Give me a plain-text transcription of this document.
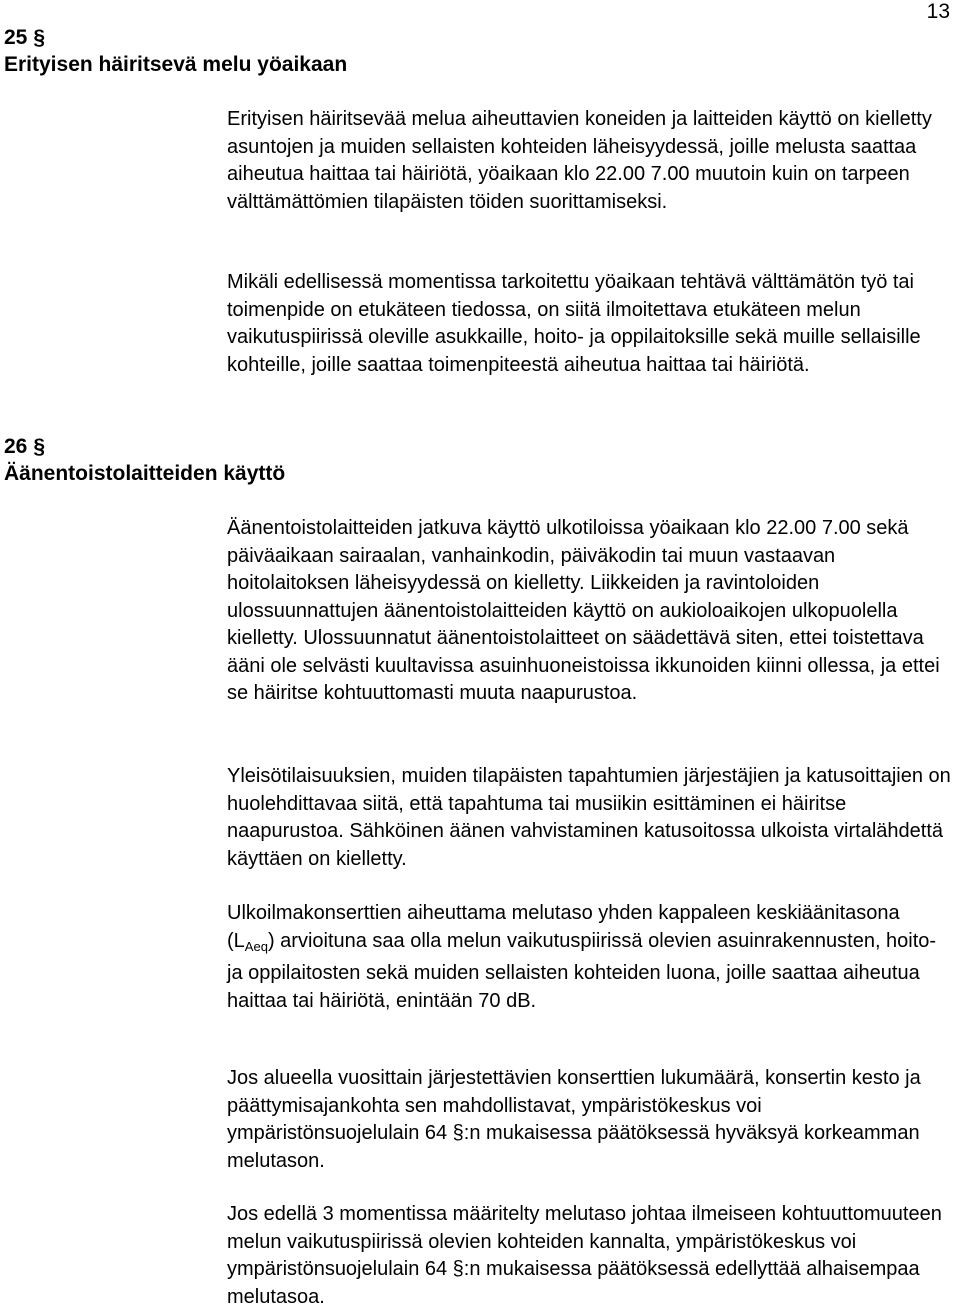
13
25 §
Erityisen häiritsevä melu yöaikaan

Erityisen häiritsevää melua aiheuttavien koneiden ja laitteiden käyttö on kielletty asuntojen ja muiden sellaisten kohteiden läheisyydessä, joille melusta saattaa aiheutua haittaa tai häiriötä, yöaikaan klo 22.00 7.00 muutoin kuin on tarpeen välttämättömien tilapäisten töiden suorittamiseksi.

Mikäli edellisessä momentissa tarkoitettu yöaikaan tehtävä välttämätön työ tai toimenpide on etukäteen tiedossa, on siitä ilmoitettava etukäteen melun vaikutuspiirissä oleville asukkaille, hoito- ja oppilaitoksille sekä muille sellaisille kohteille, joille saattaa toimenpiteestä aiheutua haittaa tai häiriötä.

26 §
Äänentoistolaitteiden käyttö

Äänentoistolaitteiden jatkuva käyttö ulkotiloissa yöaikaan klo 22.00 7.00 sekä päiväaikaan sairaalan, vanhainkodin, päiväkodin tai muun vastaavan hoitolaitoksen läheisyydessä on kielletty. Liikkeiden ja ravintoloiden ulossuunnattujen äänentoistolaitteiden käyttö on aukioloaikojen ulkopuolella kielletty. Ulossuunnatut äänentoistolaitteet on säädettävä siten, ettei toistettava ääni ole selvästi kuultavissa asuinhuoneistoissa ikkunoiden kiinni ollessa, ja ettei se häiritse kohtuuttomasti muuta naapurustoa.

Yleisötilaisuuksien, muiden tilapäisten tapahtumien järjestäjien ja katusoittajien on huolehdittavaa siitä, että tapahtuma tai musiikin esittäminen ei häiritse naapurustoa. Sähköinen äänen vahvistaminen katusoitossa ulkoista virtalähdettä käyttäen on kielletty.

Ulkoilmakonserttien aiheuttama melutaso yhden kappaleen keskiäänitasona $(L_{Aeq})$ arvioituna saa olla melun vaikutuspiirissä olevien asuinrakennusten, hoito- ja oppilaitosten sekä muiden sellaisten kohteiden luona, joille saattaa aiheutua haittaa tai häiriötä, enintään 70 dB.

Jos alueella vuosittain järjestettävien konserttien lukumäärä, konsertin kesto ja päättymisajankohta sen mahdollistavat, ympäristökeskus voi ympäristönsuojelulain 64 §:n mukaisessa päätöksessä hyväksyä korkeamman melutason.

Jos edellä 3 momentissa määritelty melutaso johtaa ilmeiseen kohtuuttomuuteen melun vaikutuspiirissä olevien kohteiden kannalta, ympäristökeskus voi ympäristönsuojelulain 64 §:n mukaisessa päätöksessä edellyttää alhaisempaa melutasoa.
